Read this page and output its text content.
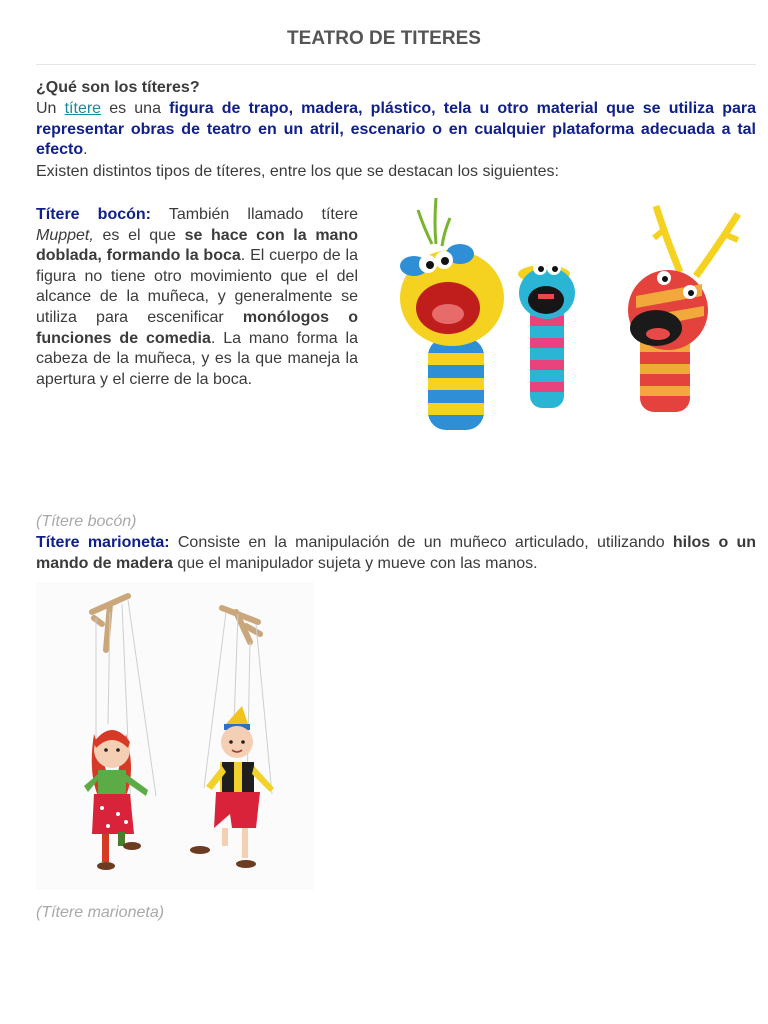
TEATRO DE TITERES
¿Qué son los títeres?
Un títere es una figura de trapo, madera, plástico, tela u otro material que se utiliza para representar obras de teatro en un atril, escenario o en cualquier plataforma adecuada a tal efecto.
Existen distintos tipos de títeres, entre los que se destacan los siguientes:
Títere bocón: También llamado títere Muppet, es el que se hace con la mano doblada, formando la boca. El cuerpo de la figura no tiene otro movimiento que el del alcance de la muñeca, y generalmente se utiliza para escenificar monólogos o funciones de comedia. La mano forma la cabeza de la muñeca, y es la que maneja la apertura y el cierre de la boca.
(Títere bocón)
Títere marioneta: Consiste en la manipulación de un muñeco articulado, utilizando hilos o un mando de madera que el manipulador sujeta y mueve con las manos.
(Títere marioneta)
